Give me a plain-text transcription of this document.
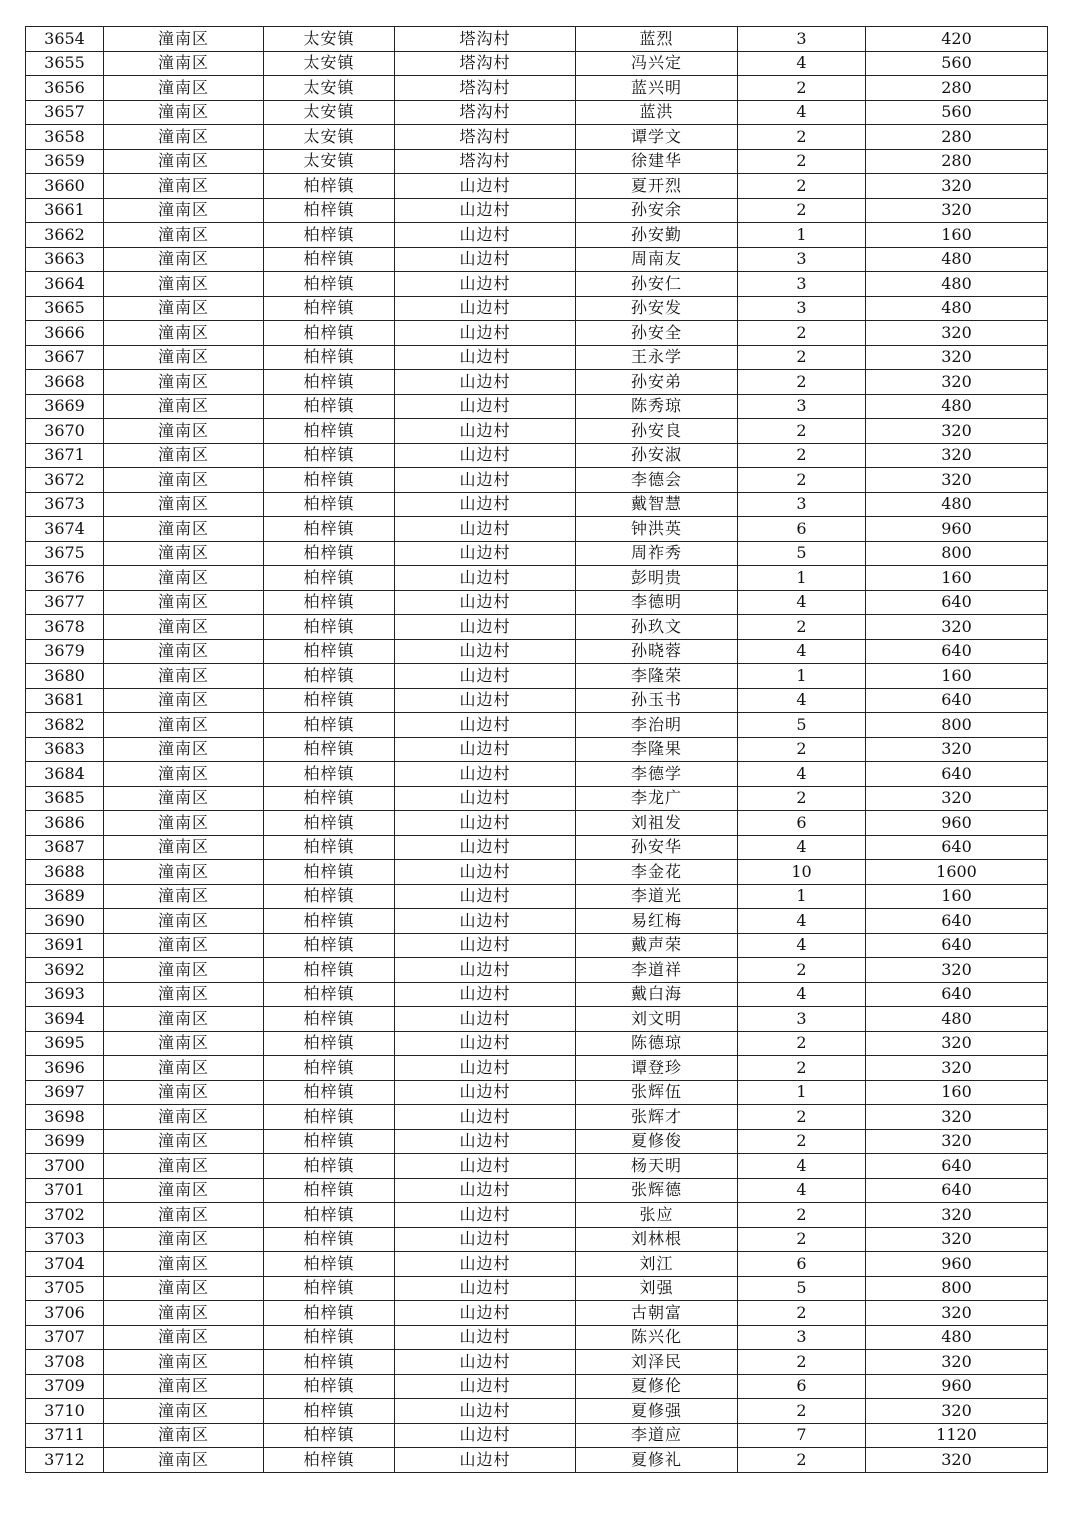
3654	潼南区	太安镇	塔沟村	蓝烈	3	420
3655	潼南区	太安镇	塔沟村	冯兴定	4	560
3656	潼南区	太安镇	塔沟村	蓝兴明	2	280
3657	潼南区	太安镇	塔沟村	蓝洪	4	560
3658	潼南区	太安镇	塔沟村	谭学文	2	280
3659	潼南区	太安镇	塔沟村	徐建华	2	280
3660	潼南区	柏梓镇	山边村	夏开烈	2	320
3661	潼南区	柏梓镇	山边村	孙安余	2	320
3662	潼南区	柏梓镇	山边村	孙安勤	1	160
3663	潼南区	柏梓镇	山边村	周南友	3	480
3664	潼南区	柏梓镇	山边村	孙安仁	3	480
3665	潼南区	柏梓镇	山边村	孙安发	3	480
3666	潼南区	柏梓镇	山边村	孙安全	2	320
3667	潼南区	柏梓镇	山边村	王永学	2	320
3668	潼南区	柏梓镇	山边村	孙安弟	2	320
3669	潼南区	柏梓镇	山边村	陈秀琼	3	480
3670	潼南区	柏梓镇	山边村	孙安良	2	320
3671	潼南区	柏梓镇	山边村	孙安淑	2	320
3672	潼南区	柏梓镇	山边村	李德会	2	320
3673	潼南区	柏梓镇	山边村	戴智慧	3	480
3674	潼南区	柏梓镇	山边村	钟洪英	6	960
3675	潼南区	柏梓镇	山边村	周祚秀	5	800
3676	潼南区	柏梓镇	山边村	彭明贵	1	160
3677	潼南区	柏梓镇	山边村	李德明	4	640
3678	潼南区	柏梓镇	山边村	孙玖文	2	320
3679	潼南区	柏梓镇	山边村	孙晓蓉	4	640
3680	潼南区	柏梓镇	山边村	李隆荣	1	160
3681	潼南区	柏梓镇	山边村	孙玉书	4	640
3682	潼南区	柏梓镇	山边村	李治明	5	800
3683	潼南区	柏梓镇	山边村	李隆果	2	320
3684	潼南区	柏梓镇	山边村	李德学	4	640
3685	潼南区	柏梓镇	山边村	李龙广	2	320
3686	潼南区	柏梓镇	山边村	刘祖发	6	960
3687	潼南区	柏梓镇	山边村	孙安华	4	640
3688	潼南区	柏梓镇	山边村	李金花	10	1600
3689	潼南区	柏梓镇	山边村	李道光	1	160
3690	潼南区	柏梓镇	山边村	易红梅	4	640
3691	潼南区	柏梓镇	山边村	戴声荣	4	640
3692	潼南区	柏梓镇	山边村	李道祥	2	320
3693	潼南区	柏梓镇	山边村	戴白海	4	640
3694	潼南区	柏梓镇	山边村	刘文明	3	480
3695	潼南区	柏梓镇	山边村	陈德琼	2	320
3696	潼南区	柏梓镇	山边村	谭登珍	2	320
3697	潼南区	柏梓镇	山边村	张辉伍	1	160
3698	潼南区	柏梓镇	山边村	张辉才	2	320
3699	潼南区	柏梓镇	山边村	夏修俊	2	320
3700	潼南区	柏梓镇	山边村	杨天明	4	640
3701	潼南区	柏梓镇	山边村	张辉德	4	640
3702	潼南区	柏梓镇	山边村	张应	2	320
3703	潼南区	柏梓镇	山边村	刘林根	2	320
3704	潼南区	柏梓镇	山边村	刘江	6	960
3705	潼南区	柏梓镇	山边村	刘强	5	800
3706	潼南区	柏梓镇	山边村	古朝富	2	320
3707	潼南区	柏梓镇	山边村	陈兴化	3	480
3708	潼南区	柏梓镇	山边村	刘泽民	2	320
3709	潼南区	柏梓镇	山边村	夏修伦	6	960
3710	潼南区	柏梓镇	山边村	夏修强	2	320
3711	潼南区	柏梓镇	山边村	李道应	7	1120
3712	潼南区	柏梓镇	山边村	夏修礼	2	320
